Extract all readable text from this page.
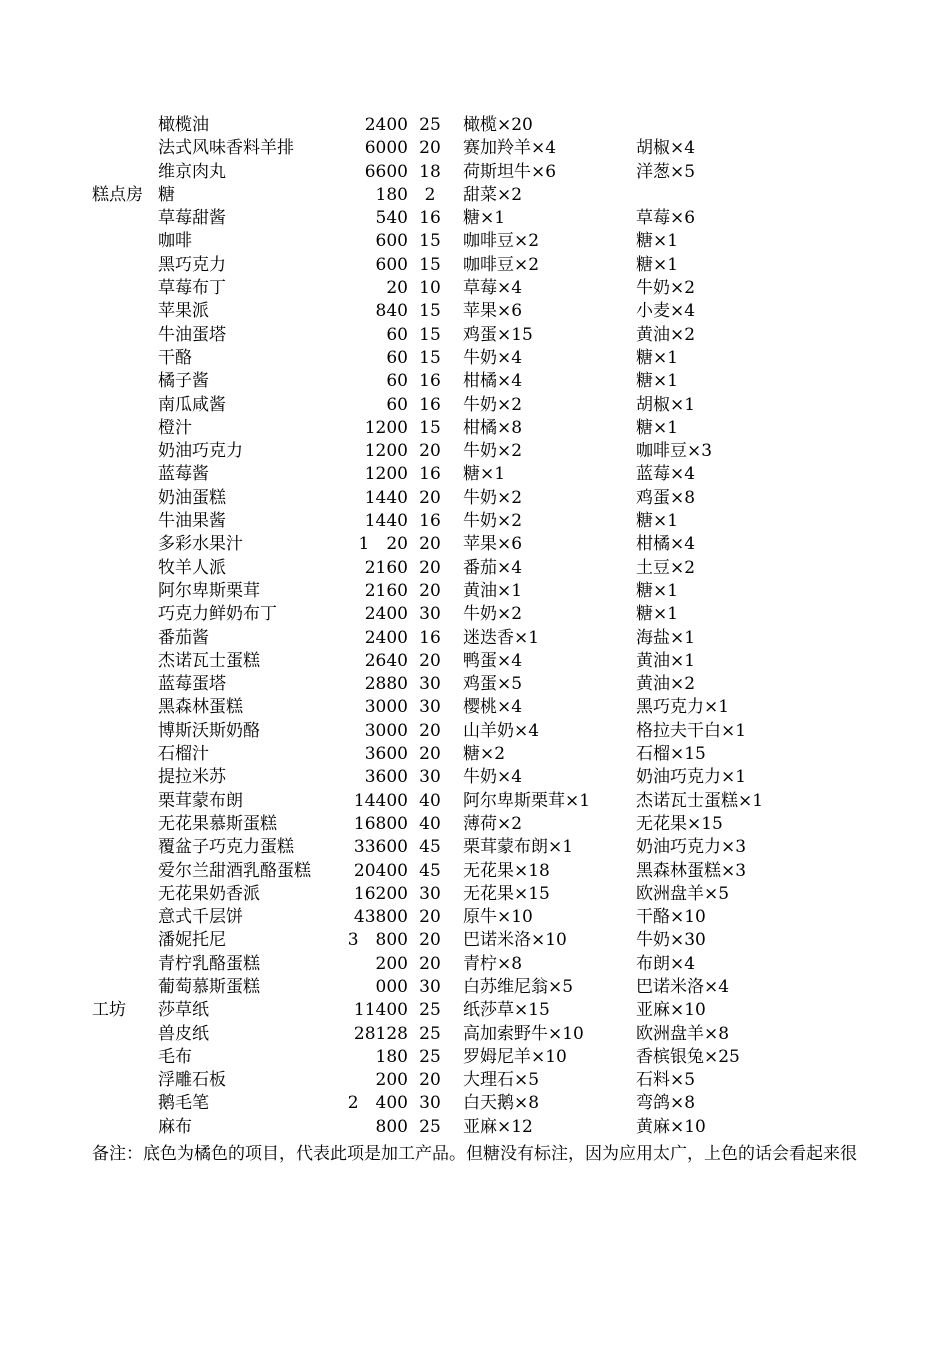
橄榄油	2400 25	橄榄×20
法式风味香料羊排	6000 20	赛加羚羊×4	胡椒×4
维京肉丸	6600 18	荷斯坦牛×6	洋葱×5
糕点房 糖	180 2	甜菜×2
草莓甜酱	540 16	糖×1	草莓×6
咖啡	600 15	咖啡豆×2	糖×1
黑巧克力	600 15	咖啡豆×2	糖×1
草莓布丁	20 10	草莓×4	牛奶×2
苹果派	840 15	苹果×6	小麦×4
牛油蛋塔	60 15	鸡蛋×15	黄油×2
干酪	60 15	牛奶×4	糖×1
橘子酱	60 16	柑橘×4	糖×1
南瓜咸酱	60 16	牛奶×2	胡椒×1
橙汁	1200 15	柑橘×8	糖×1
奶油巧克力	1200 20	牛奶×2	咖啡豆×3
蓝莓酱	1200 16	糖×1	蓝莓×4
奶油蛋糕	1440 20	牛奶×2	鸡蛋×8
牛油果酱	1440 16	牛奶×2	糖×1
多彩水果汁	1　20 20	苹果×6	柑橘×4
牧羊人派	2160 20	番茄×4	土豆×2
阿尔卑斯栗茸	2160 20	黄油×1	糖×1
巧克力鲜奶布丁	2400 30	牛奶×2	糖×1
番茄酱	2400 16	迷迭香×1	海盐×1
杰诺瓦士蛋糕	2640 20	鸭蛋×4	黄油×1
蓝莓蛋塔	2880 30	鸡蛋×5	黄油×2
黑森林蛋糕	3000 30	樱桃×4	黑巧克力×1
博斯沃斯奶酪	3000 20	山羊奶×4	格拉夫干白×1
石榴汁	3600 20	糖×2	石榴×15
提拉米苏	3600 30	牛奶×4	奶油巧克力×1
栗茸蒙布朗	14400 40	阿尔卑斯栗茸×1	杰诺瓦士蛋糕×1
无花果慕斯蛋糕	16800 40	薄荷×2	无花果×15
覆盆子巧克力蛋糕	33600 45	栗茸蒙布朗×1	奶油巧克力×3
爱尔兰甜酒乳酪蛋糕	20400 45	无花果×18	黑森林蛋糕×3
无花果奶香派	16200 30	无花果×15	欧洲盘羊×5
意式千层饼	43800 20	原牛×10	干酪×10
潘妮托尼	3　800 20	巴诺米洛×10	牛奶×30
青柠乳酪蛋糕	200 20	青柠×8	布朗×4
葡萄慕斯蛋糕	000 30	白苏维尼翁×5	巴诺米洛×4
工坊 莎草纸	11400 25	纸莎草×15	亚麻×10
兽皮纸	28128 25	高加索野牛×10	欧洲盘羊×8
毛布	180 25	罗姆尼羊×10	香槟银兔×25
浮雕石板	200 20	大理石×5	石料×5
鹅毛笔	2　400 30	白天鹅×8	弯鸽×8
麻布	800 25	亚麻×12	黄麻×10
备注：底色为橘色的项目，代表此项是加工产品。但糖没有标注，因为应用太广，上色的话会看起来很
